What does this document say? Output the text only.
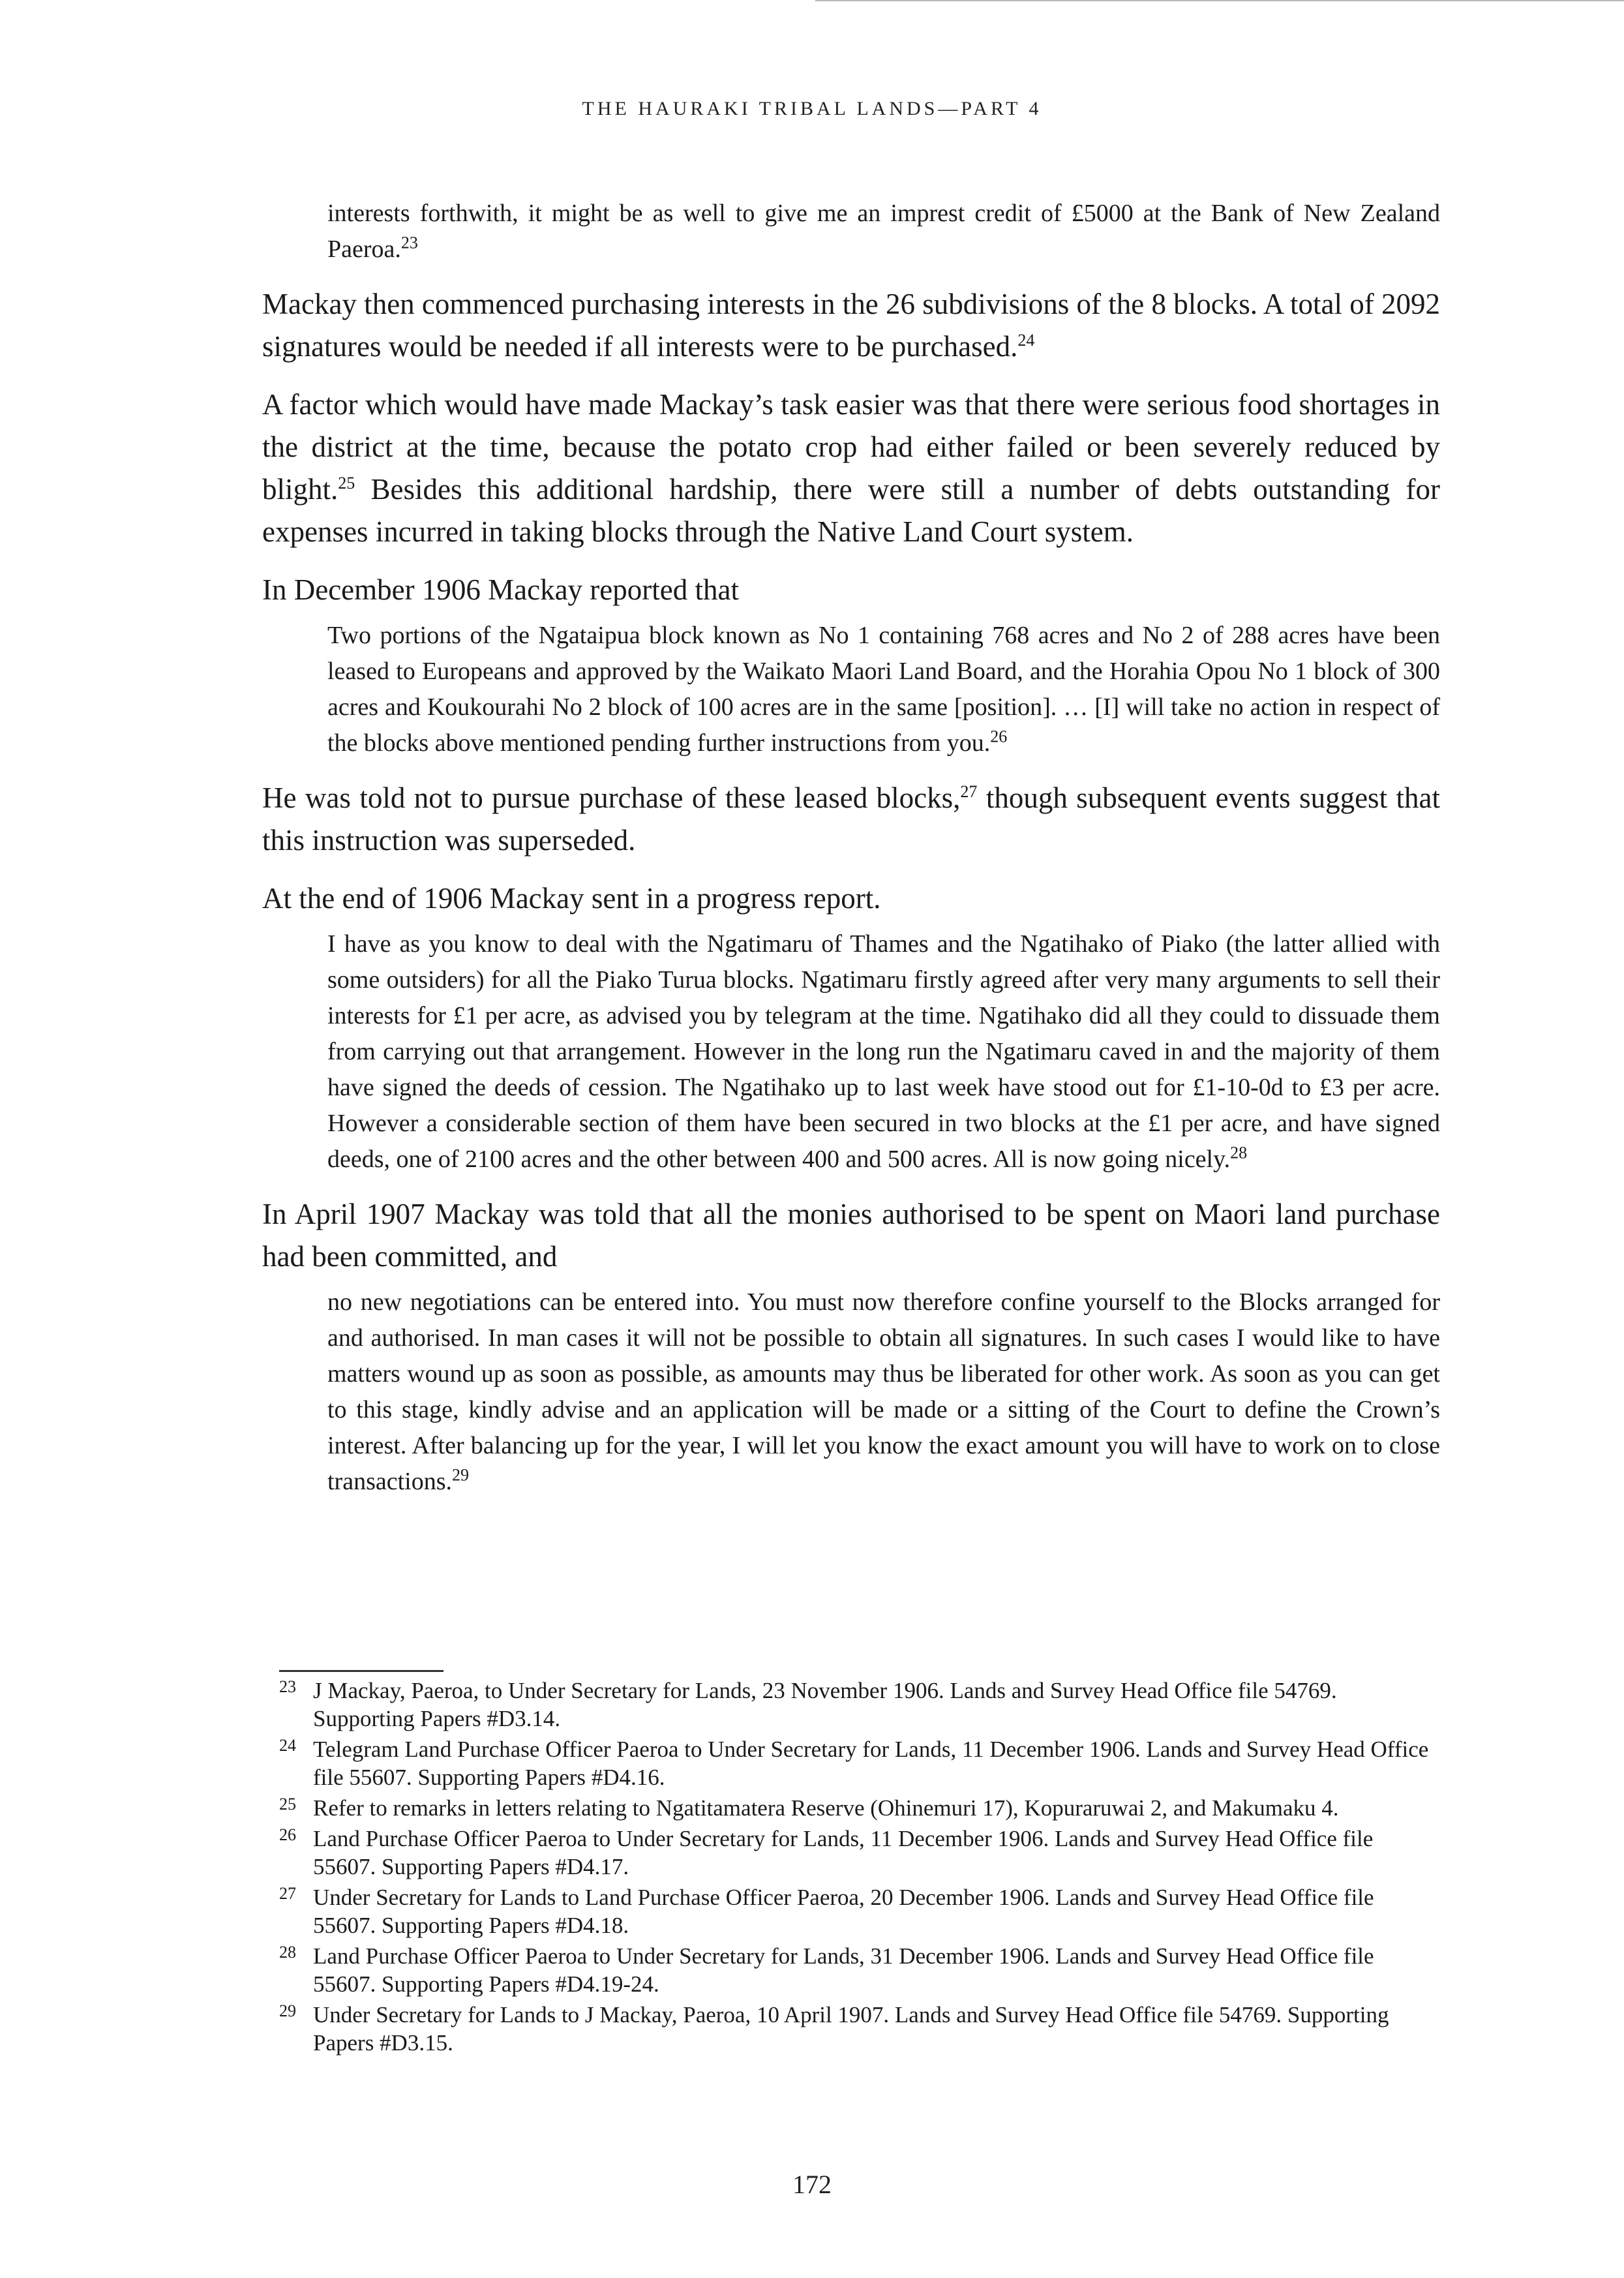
THE HAURAKI TRIBAL LANDS—PART 4

interests forthwith, it might be as well to give me an imprest credit of £5000 at the Bank of New Zealand Paeroa.$^{23}$

Mackay then commenced purchasing interests in the 26 subdivisions of the 8 blocks. A total of 2092 signatures would be needed if all interests were to be purchased.$^{24}$

A factor which would have made Mackay’s task easier was that there were serious food shortages in the district at the time, because the potato crop had either failed or been severely reduced by blight.$^{25}$ Besides this additional hardship, there were still a number of debts outstanding for expenses incurred in taking blocks through the Native Land Court system.

In December 1906 Mackay reported that

Two portions of the Ngataipua block known as No 1 containing 768 acres and No 2 of 288 acres have been leased to Europeans and approved by the Waikato Maori Land Board, and the Horahia Opou No 1 block of 300 acres and Koukourahi No 2 block of 100 acres are in the same [position]. … [I] will take no action in respect of the blocks above mentioned pending further instructions from you.$^{26}$

He was told not to pursue purchase of these leased blocks,$^{27}$ though subsequent events suggest that this instruction was superseded.

At the end of 1906 Mackay sent in a progress report.

I have as you know to deal with the Ngatimaru of Thames and the Ngatihako of Piako (the latter allied with some outsiders) for all the Piako Turua blocks. Ngatimaru firstly agreed after very many arguments to sell their interests for £1 per acre, as advised you by telegram at the time. Ngatihako did all they could to dissuade them from carrying out that arrangement. However in the long run the Ngatimaru caved in and the majority of them have signed the deeds of cession. The Ngatihako up to last week have stood out for £1-10-0d to £3 per acre. However a considerable section of them have been secured in two blocks at the £1 per acre, and have signed deeds, one of 2100 acres and the other between 400 and 500 acres. All is now going nicely.$^{28}$

In April 1907 Mackay was told that all the monies authorised to be spent on Maori land purchase had been committed, and

no new negotiations can be entered into. You must now therefore confine yourself to the Blocks arranged for and authorised. In man cases it will not be possible to obtain all signatures. In such cases I would like to have matters wound up as soon as possible, as amounts may thus be liberated for other work. As soon as you can get to this stage, kindly advise and an application will be made or a sitting of the Court to define the Crown’s interest. After balancing up for the year, I will let you know the exact amount you will have to work on to close transactions.$^{29}$

23 J Mackay, Paeroa, to Under Secretary for Lands, 23 November 1906. Lands and Survey Head Office file 54769. Supporting Papers #D3.14.
24 Telegram Land Purchase Officer Paeroa to Under Secretary for Lands, 11 December 1906. Lands and Survey Head Office file 55607. Supporting Papers #D4.16.
25 Refer to remarks in letters relating to Ngatitamatera Reserve (Ohinemuri 17), Kopuraruwai 2, and Makumaku 4.
26 Land Purchase Officer Paeroa to Under Secretary for Lands, 11 December 1906. Lands and Survey Head Office file 55607. Supporting Papers #D4.17.
27 Under Secretary for Lands to Land Purchase Officer Paeroa, 20 December 1906. Lands and Survey Head Office file 55607. Supporting Papers #D4.18.
28 Land Purchase Officer Paeroa to Under Secretary for Lands, 31 December 1906. Lands and Survey Head Office file 55607. Supporting Papers #D4.19-24.
29 Under Secretary for Lands to J Mackay, Paeroa, 10 April 1907. Lands and Survey Head Office file 54769. Supporting Papers #D3.15.
172
